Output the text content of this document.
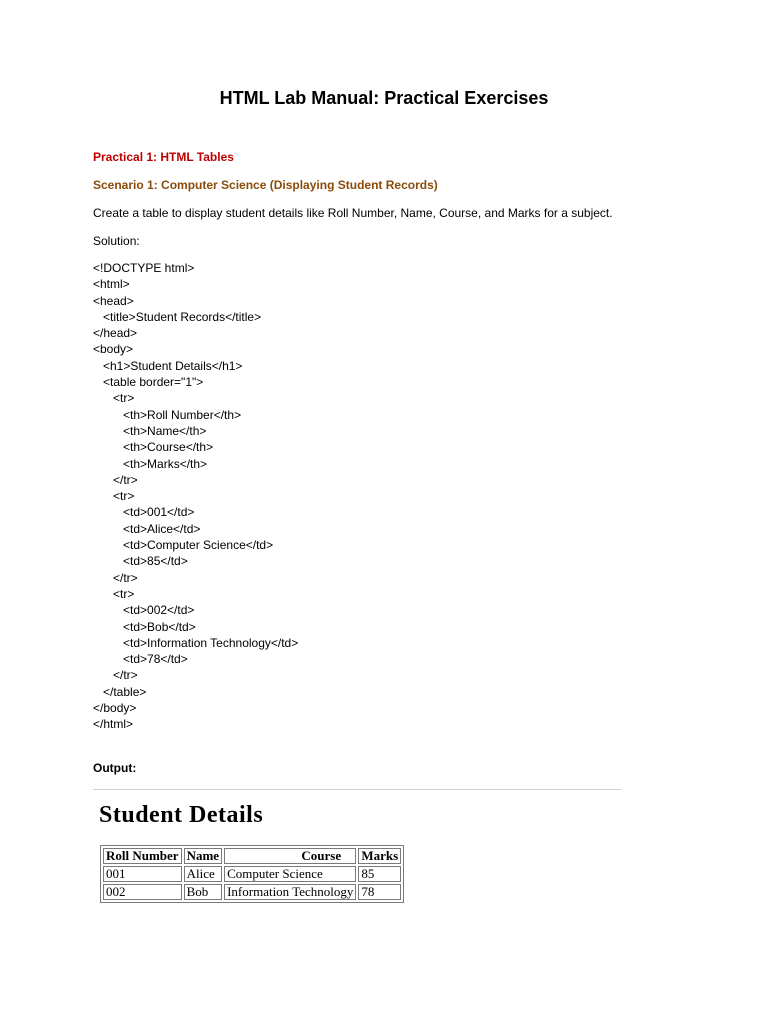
HTML Lab Manual: Practical Exercises

Practical 1: HTML Tables

Scenario 1: Computer Science (Displaying Student Records)

Create a table to display student details like Roll Number, Name, Course, and Marks for a subject.

Solution:

<!DOCTYPE html>
<html>
<head>
<title>Student Records</title>
</head>
<body>
<h1>Student Details</h1>
<table border="1">
<tr>
<th>Roll Number</th>
<th>Name</th>
<th>Course</th>
<th>Marks</th>
</tr>
<tr>
<td>001</td>
<td>Alice</td>
<td>Computer Science</td>
<td>85</td>
</tr>
<tr>
<td>002</td>
<td>Bob</td>
<td>Information Technology</td>
<td>78</td>
</tr>
</table>
</body>
</html>

Output:

Student Details
Roll Number	Name	Course	Marks
001	Alice	Computer Science	85
002	Bob	Information Technology	78
